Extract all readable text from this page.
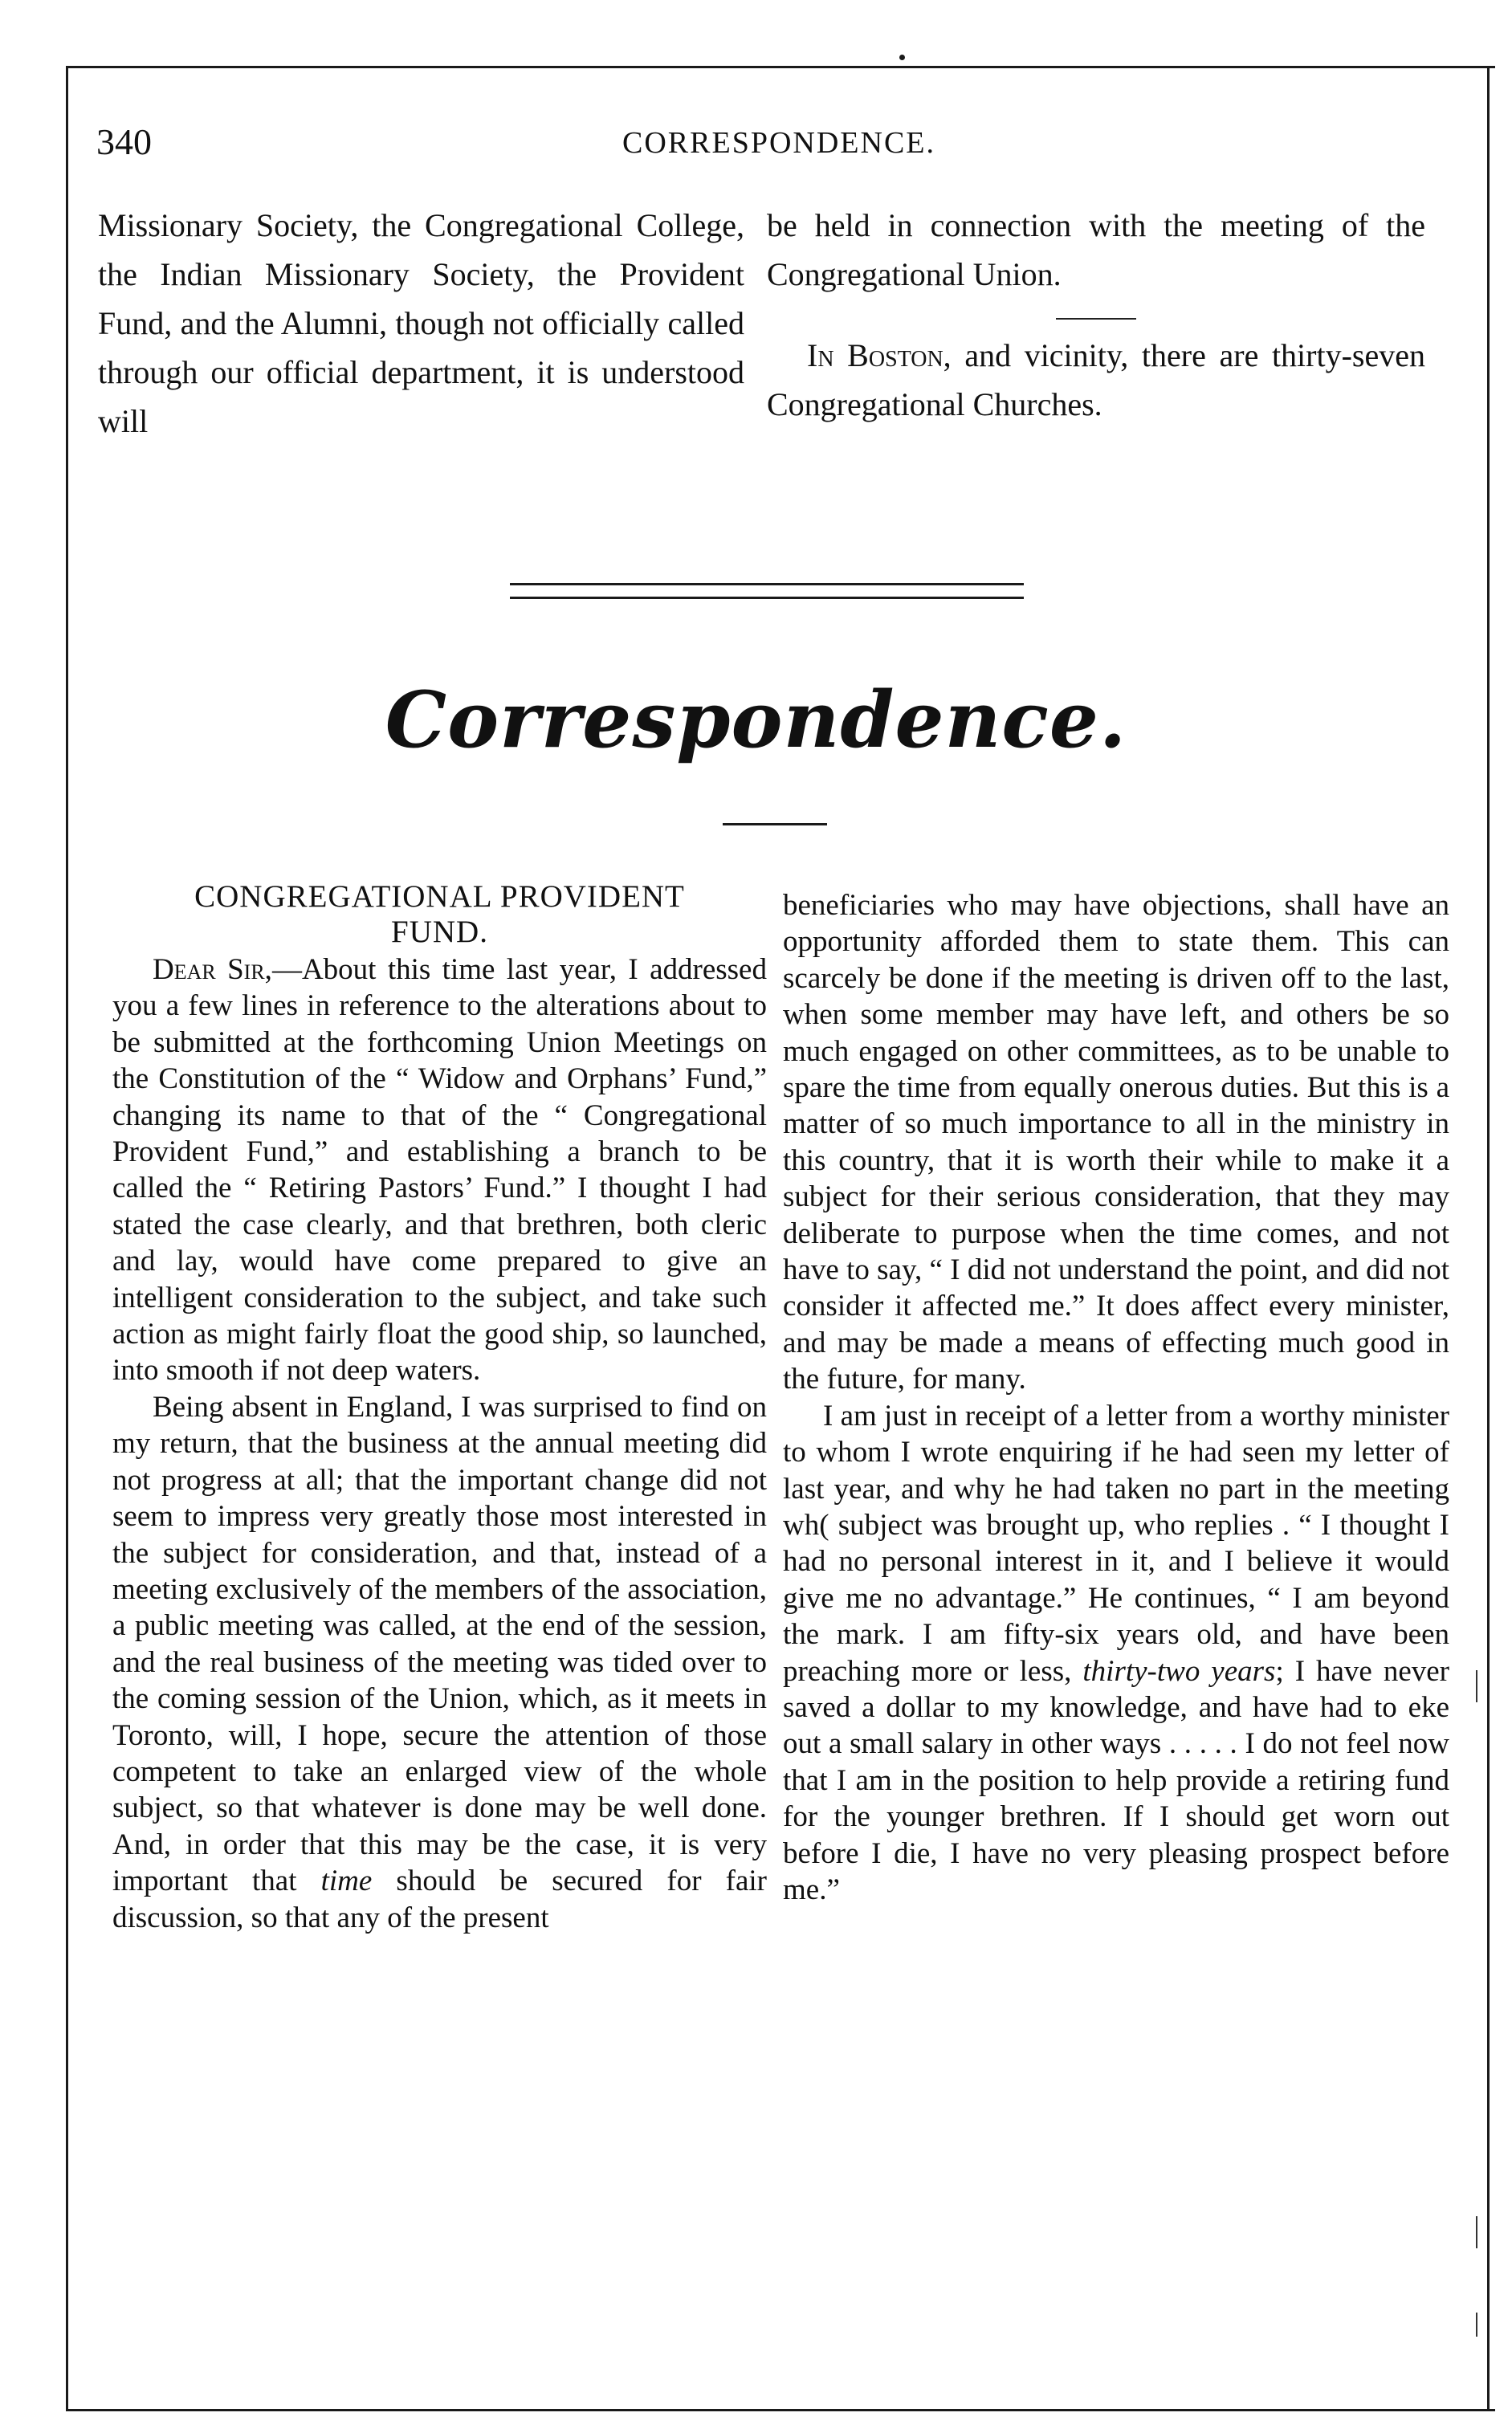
340	CORRESPONDENCE.

Missionary Society, the Congregational College, the Indian Missionary Society, the Provident Fund, and the Alumni, though not officially called through our official department, it is understood will

be held in connection with the meeting of the Congregational Union.

In Boston, and vicinity, there are thirty-seven Congregational Churches.

Correspondence.
CONGREGATIONAL PROVIDENT
FUND.

Dear Sir,—About this time last year, I addressed you a few lines in reference to the alterations about to be submitted at the forthcoming Union Meetings on the Constitution of the “ Widow and Orphans’ Fund,” changing its name to that of the “ Congregational Provident Fund,” and establishing a branch to be called the “ Retiring Pastors’ Fund.” I thought I had stated the case clearly, and that brethren, both cleric and lay, would have come prepared to give an intelligent consideration to the subject, and take such action as might fairly float the good ship, so launched, into smooth if not deep waters.

Being absent in England, I was surprised to find on my return, that the business at the annual meeting did not progress at all; that the important change did not seem to impress very greatly those most interested in the subject for consideration, and that, instead of a meeting exclusively of the members of the association, a public meeting was called, at the end of the session, and the real business of the meeting was tided over to the coming session of the Union, which, as it meets in Toronto, will, I hope, secure the attention of those competent to take an enlarged view of the whole subject, so that whatever is done may be well done. And, in order that this may be the case, it is very important that time should be secured for fair discussion, so that any of the present

beneficiaries who may have objections, shall have an opportunity afforded them to state them. This can scarcely be done if the meeting is driven off to the last, when some member may have left, and others be so much engaged on other committees, as to be unable to spare the time from equally onerous duties. But this is a matter of so much importance to all in the ministry in this country, that it is worth their while to make it a subject for their serious consideration, that they may deliberate to purpose when the time comes, and not have to say, “ I did not understand the point, and did not consider it affected me.” It does affect every minister, and may be made a means of effecting much good in the future, for many.

I am just in receipt of a letter from a worthy minister to whom I wrote enquiring if he had seen my letter of last year, and why he had taken no part in the meeting wh( subject was brought up, who replies . “ I thought I had no personal interest in it, and I believe it would give me no advantage.” He continues, “ I am beyond the mark. I am fifty-six years old, and have been preaching more or less, thirty-two years; I have never saved a dollar to my knowledge, and have had to eke out a small salary in other ways . . . . . I do not feel now that I am in the position to help provide a retiring fund for the younger brethren. If I should get worn out before I die, I have no very pleasing prospect before me.”
